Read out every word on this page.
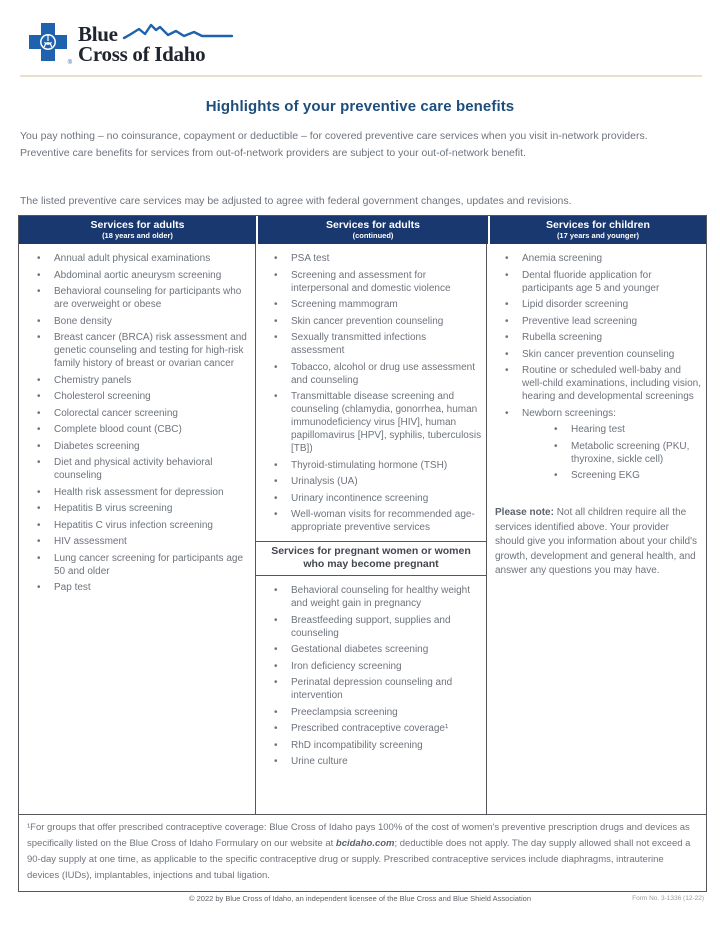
®
Blue
Cross of Idaho
Highlights of your preventive care benefits

You pay nothing – no coinsurance, copayment or deductible – for covered preventive care services when you visit in-network providers. Preventive care benefits for services from out-of-network providers are subject to your out-of-network benefit.

The listed preventive care services may be adjusted to agree with federal government changes, updates and revisions.

Services for adults
(18 years and older)
Services for adults
(continued)
Services for children
(17 years and younger)
• Annual adult physical examinations
• Abdominal aortic aneurysm screening
• Behavioral counseling for participants who are overweight or obese
• Bone density
• Breast cancer (BRCA) risk assessment and genetic counseling and testing for high-risk family history of breast or ovarian cancer
• Chemistry panels
• Cholesterol screening
• Colorectal cancer screening
• Complete blood count (CBC)
• Diabetes screening
• Diet and physical activity behavioral counseling
• Health risk assessment for depression
• Hepatitis B virus screening
• Hepatitis C virus infection screening
• HIV assessment
• Lung cancer screening for participants age 50 and older
• Pap test
• PSA test
• Screening and assessment for interpersonal and domestic violence
• Screening mammogram
• Skin cancer prevention counseling
• Sexually transmitted infections assessment
• Tobacco, alcohol or drug use assessment and counseling
• Transmittable disease screening and counseling (chlamydia, gonorrhea, human immunodeficiency virus [HIV], human papillomavirus [HPV], syphilis, tuberculosis [TB])
• Thyroid-stimulating hormone (TSH)
• Urinalysis (UA)
• Urinary incontinence screening
• Well-woman visits for recommended age-appropriate preventive services
Services for pregnant women or women who may become pregnant
• Behavioral counseling for healthy weight and weight gain in pregnancy
• Breastfeeding support, supplies and counseling
• Gestational diabetes screening
• Iron deficiency screening
• Perinatal depression counseling and intervention
• Preeclampsia screening
• Prescribed contraceptive coverage¹
• RhD incompatibility screening
• Urine culture
• Anemia screening
• Dental fluoride application for participants age 5 and younger
• Lipid disorder screening
• Preventive lead screening
• Rubella screening
• Skin cancer prevention counseling
• Routine or scheduled well-baby and well-child examinations, including vision, hearing and developmental screenings
• Newborn screenings:
• Hearing test
• Metabolic screening (PKU, thyroxine, sickle cell)
• Screening EKG

Please note: Not all children require all the services identified above. Your provider should give you information about your child's growth, development and general health, and answer any questions you may have.

¹For groups that offer prescribed contraceptive coverage: Blue Cross of Idaho pays 100% of the cost of women's preventive prescription drugs and devices as specifically listed on the Blue Cross of Idaho Formulary on our website at bcidaho.com; deductible does not apply. The day supply allowed shall not exceed a 90-day supply at one time, as applicable to the specific contraceptive drug or supply. Prescribed contraceptive services include diaphragms, intrauterine devices (IUDs), implantables, injections and tubal ligation.
© 2022 by Blue Cross of Idaho, an independent licensee of the Blue Cross and Blue Shield Association	Form No. 3-1336 (12-22)
